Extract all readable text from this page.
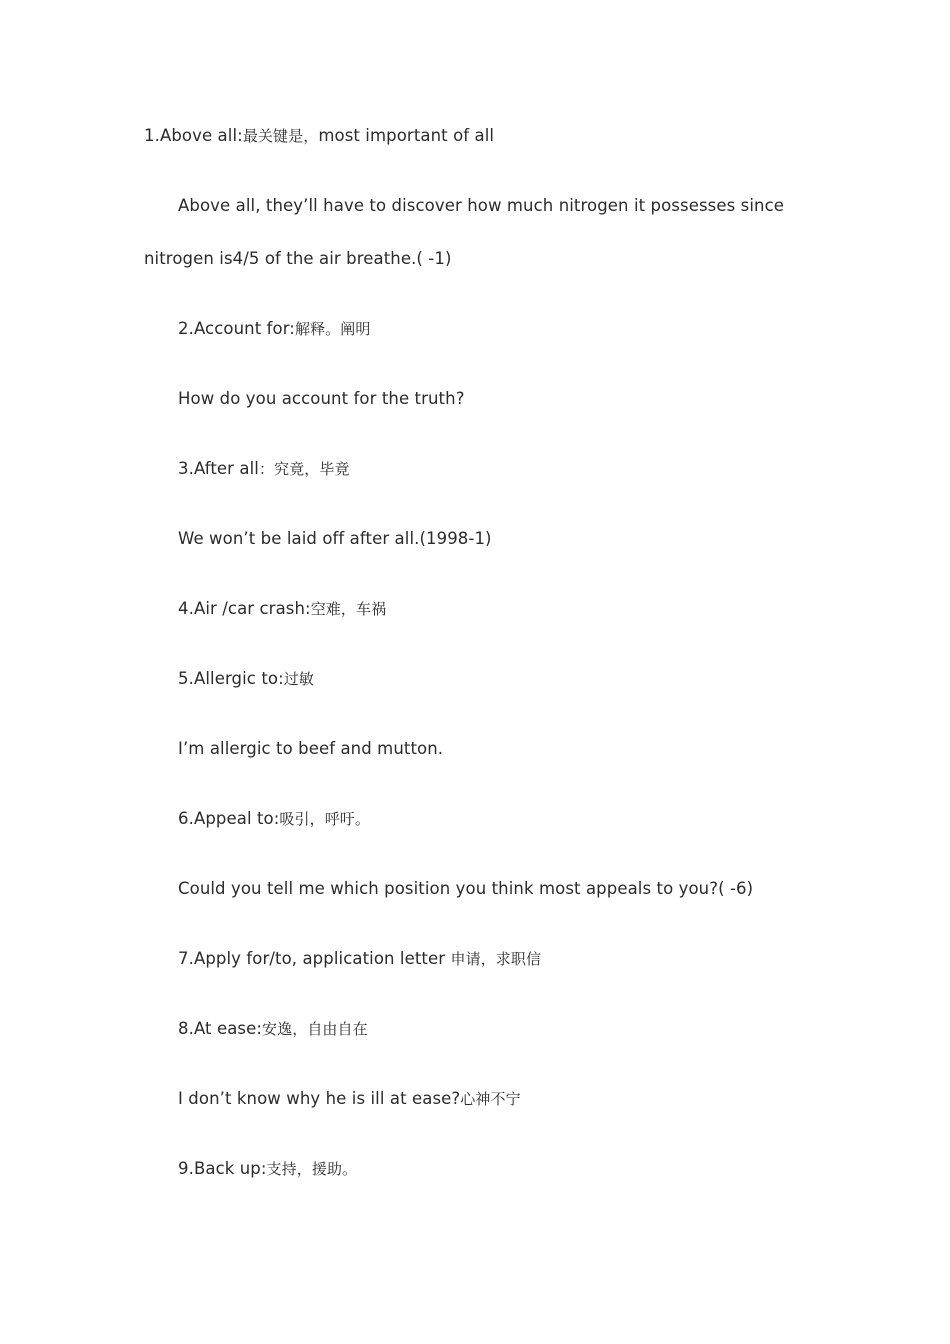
1.Above all:最关键是，most important of all
Above all, they’ll have to discover how much nitrogen it possesses since
nitrogen is4/5 of the air breathe.( -1)
2.Account for:解释。阐明
How do you account for the truth?
3.After all：究竟，毕竟
We won’t be laid off after all.(1998-1)
4.Air /car crash:空难，车祸
5.Allergic to:过敏
I’m allergic to beef and mutton.
6.Appeal to:吸引，呼吁。
Could you tell me which position you think most appeals to you?( -6)
7.Apply for/to, application letter 申请，求职信
8.At ease:安逸，自由自在
I don’t know why he is ill at ease?心神不宁
9.Back up:支持，援助。
